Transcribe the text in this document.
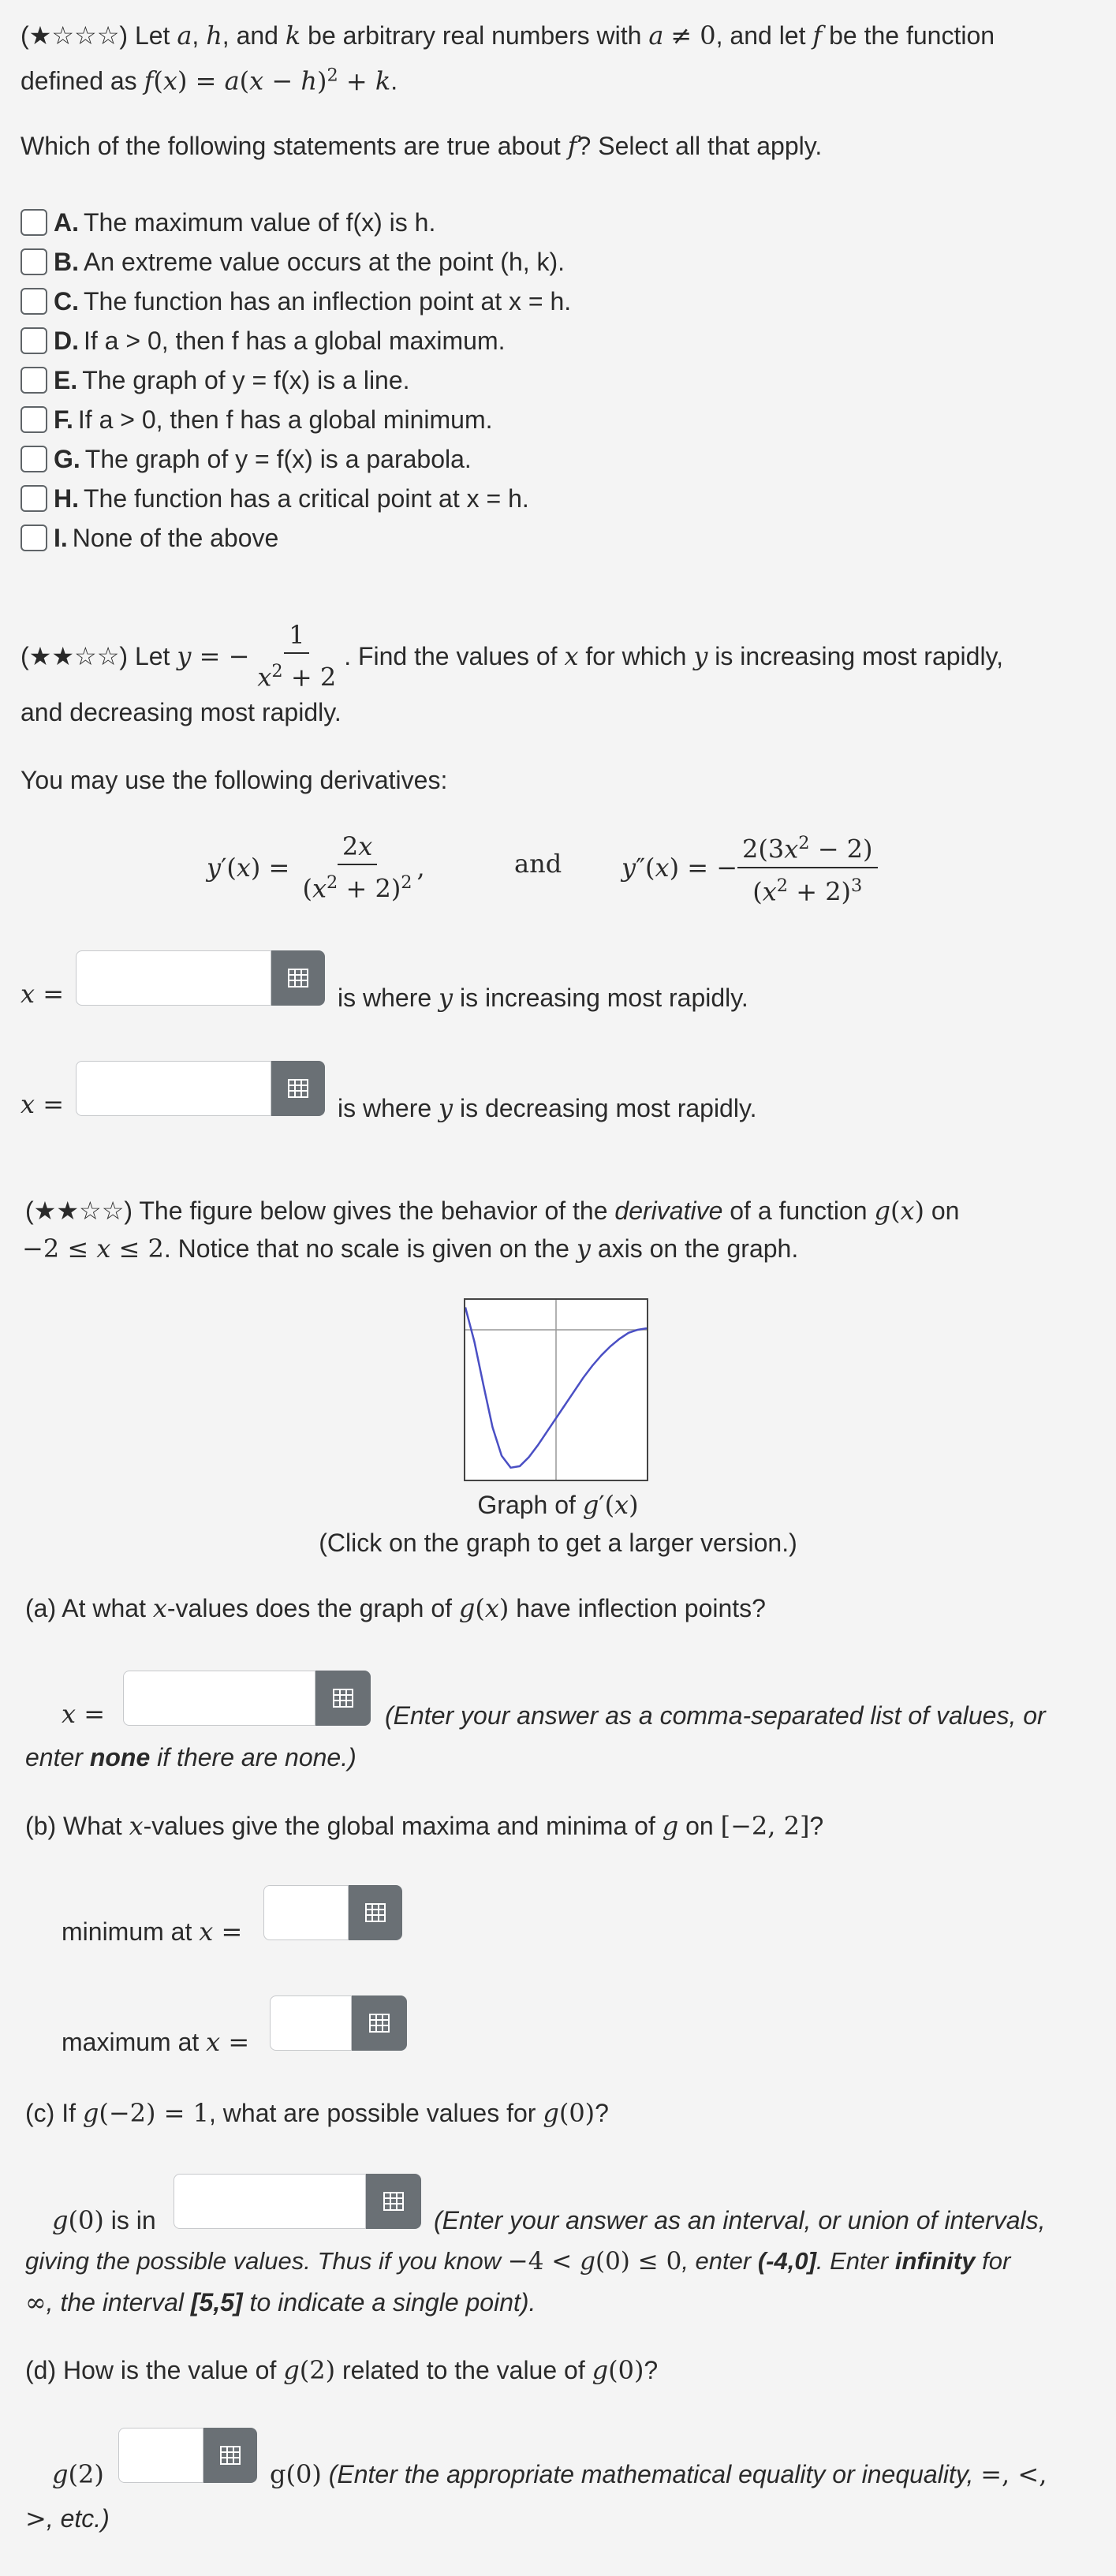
(★☆☆☆) Let a, h, and k be arbitrary real numbers with a ≠ 0, and let f be the function
defined as $f(x) = a(x - h)^2 + k$.
Which of the following statements are true about f? Select all that apply.
A. The maximum value of f(x) is h.
B. An extreme value occurs at the point (h, k).
C. The function has an inflection point at x = h.
D. If a > 0, then f has a global maximum.
E. The graph of y = f(x) is a line.
F. If a > 0, then f has a global minimum.
G. The graph of y = f(x) is a parabola.
H. The function has a critical point at x = h.
I. None of the above
(★★☆☆)
Let
y = − $\frac{1}{x^2 + 2}$ . Find the values of
x
for which
y
is increasing most rapidly,
and decreasing most rapidly.
You may use the following derivatives:
y ′( x ) = $\frac{2x}{(x^2 + 2)^2}$ ,	and y ″( x ) = − $\frac{2(3x^2 - 2)}{(x^2 + 2)^3}$
x =	is where y is increasing most rapidly.
x =	is where y is decreasing most rapidly.
(★★☆☆) The figure below gives the behavior of the derivative of a function g(x) on
−2 ≤ x ≤ 2. Notice that no scale is given on the y axis on the graph.
Graph of g′(x)
(Click on the graph to get a larger version.)
(a) At what x-values does the graph of g(x) have inflection points?
x =	(Enter your answer as a comma-separated list of values, or
enter none if there are none.)
(b) What x-values give the global maxima and minima of g on [−2, 2]?
minimum at x =
maximum at x =
(c) If g(−2) = 1, what are possible values for g(0)?
g(0) is in	(Enter your answer as an interval, or union of intervals,
giving the possible values. Thus if you know −4 < g(0) ≤ 0, enter (-4,0]. Enter infinity for
∞, the interval [5,5] to indicate a single point).
(d) How is the value of g(2) related to the value of g(0)?
g(2)	g(0) (Enter the appropriate mathematical equality or inequality, =, <,
>, etc.)
